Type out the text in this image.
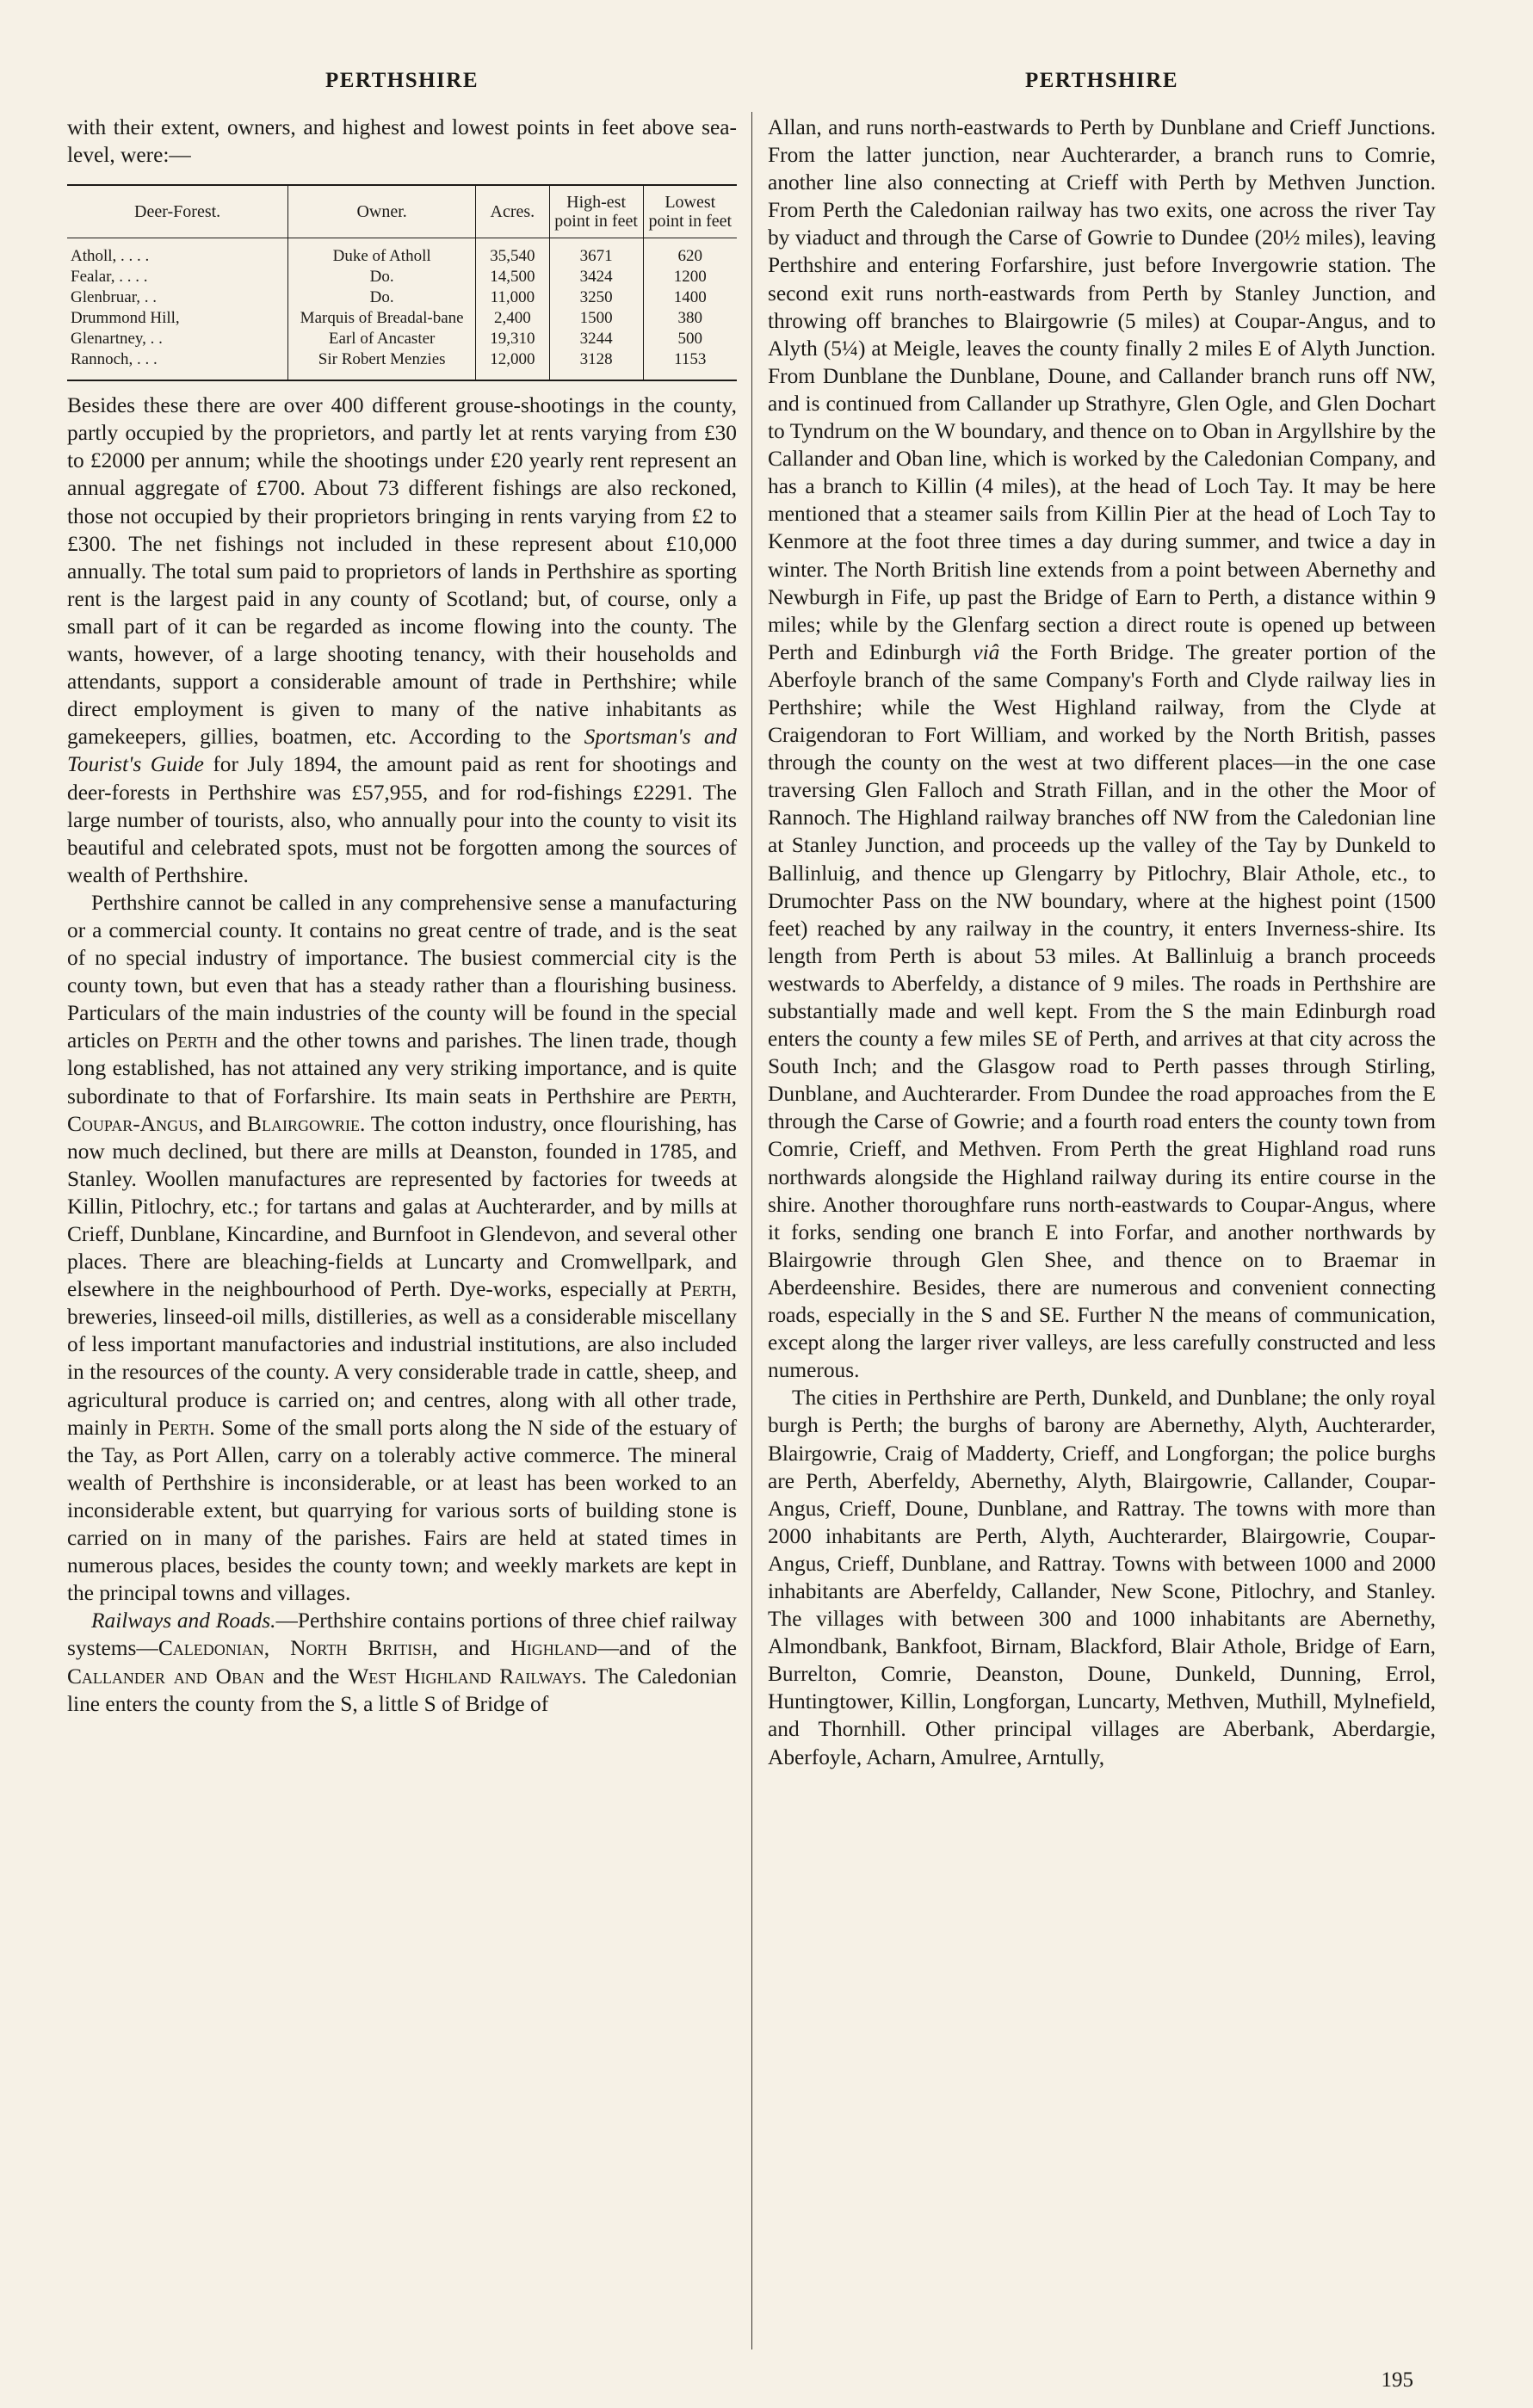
PERTHSHIRE

with their extent, owners, and highest and lowest points in feet above sea-level, were:—

Deer-Forest.	Owner.	Acres.	High-est point in feet	Lowest point in feet
Atholl, . . . .	Duke of Atholl	35,540	3671	620
Fealar, . . . .	Do.	14,500	3424	1200
Glenbruar, . .	Do.	11,000	3250	1400
Drummond Hill,	Marquis of Breadal-bane	2,400	1500	380
Glenartney, . .	Earl of Ancaster	19,310	3244	500
Rannoch, . . .	Sir Robert Menzies	12,000	3128	1153

Besides these there are over 400 different grouse-shootings in the county, partly occupied by the proprietors, and partly let at rents varying from £30 to £2000 per annum; while the shootings under £20 yearly rent represent an annual aggregate of £700. About 73 different fishings are also reckoned, those not occupied by their proprietors bringing in rents varying from £2 to £300. The net fishings not included in these represent about £10,000 annually. The total sum paid to proprietors of lands in Perthshire as sporting rent is the largest paid in any county of Scotland; but, of course, only a small part of it can be regarded as income flowing into the county. The wants, however, of a large shooting tenancy, with their households and attendants, support a considerable amount of trade in Perthshire; while direct employment is given to many of the native inhabitants as gamekeepers, gillies, boatmen, etc. According to the Sportsman's and Tourist's Guide for July 1894, the amount paid as rent for shootings and deer-forests in Perthshire was £57,955, and for rod-fishings £2291. The large number of tourists, also, who annually pour into the county to visit its beautiful and celebrated spots, must not be forgotten among the sources of wealth of Perthshire.

Perthshire cannot be called in any comprehensive sense a manufacturing or a commercial county. It contains no great centre of trade, and is the seat of no special industry of importance. The busiest commercial city is the county town, but even that has a steady rather than a flourishing business. Particulars of the main industries of the county will be found in the special articles on Perth and the other towns and parishes. The linen trade, though long established, has not attained any very striking importance, and is quite subordinate to that of Forfarshire. Its main seats in Perthshire are Perth, Coupar-Angus, and Blairgowrie. The cotton industry, once flourishing, has now much declined, but there are mills at Deanston, founded in 1785, and Stanley. Woollen manufactures are represented by factories for tweeds at Killin, Pitlochry, etc.; for tartans and galas at Auchterarder, and by mills at Crieff, Dunblane, Kincardine, and Burnfoot in Glendevon, and several other places. There are bleaching-fields at Luncarty and Cromwellpark, and elsewhere in the neighbourhood of Perth. Dye-works, especially at Perth, breweries, linseed-oil mills, distilleries, as well as a considerable miscellany of less important manufactories and industrial institutions, are also included in the resources of the county. A very considerable trade in cattle, sheep, and agricultural produce is carried on; and centres, along with all other trade, mainly in Perth. Some of the small ports along the N side of the estuary of the Tay, as Port Allen, carry on a tolerably active commerce. The mineral wealth of Perthshire is inconsiderable, or at least has been worked to an inconsiderable extent, but quarrying for various sorts of building stone is carried on in many of the parishes. Fairs are held at stated times in numerous places, besides the county town; and weekly markets are kept in the principal towns and villages.

Railways and Roads.—Perthshire contains portions of three chief railway systems—Caledonian, North British, and Highland—and of the Callander and Oban and the West Highland Railways. The Caledonian line enters the county from the S, a little S of Bridge of

PERTHSHIRE

Allan, and runs north-eastwards to Perth by Dunblane and Crieff Junctions. From the latter junction, near Auchterarder, a branch runs to Comrie, another line also connecting at Crieff with Perth by Methven Junction. From Perth the Caledonian railway has two exits, one across the river Tay by viaduct and through the Carse of Gowrie to Dundee (20½ miles), leaving Perthshire and entering Forfarshire, just before Invergowrie station. The second exit runs north-eastwards from Perth by Stanley Junction, and throwing off branches to Blairgowrie (5 miles) at Coupar-Angus, and to Alyth (5¼) at Meigle, leaves the county finally 2 miles E of Alyth Junction. From Dunblane the Dunblane, Doune, and Callander branch runs off NW, and is continued from Callander up Strathyre, Glen Ogle, and Glen Dochart to Tyndrum on the W boundary, and thence on to Oban in Argyllshire by the Callander and Oban line, which is worked by the Caledonian Company, and has a branch to Killin (4 miles), at the head of Loch Tay. It may be here mentioned that a steamer sails from Killin Pier at the head of Loch Tay to Kenmore at the foot three times a day during summer, and twice a day in winter. The North British line extends from a point between Abernethy and Newburgh in Fife, up past the Bridge of Earn to Perth, a distance within 9 miles; while by the Glenfarg section a direct route is opened up between Perth and Edinburgh viâ the Forth Bridge. The greater portion of the Aberfoyle branch of the same Company's Forth and Clyde railway lies in Perthshire; while the West Highland railway, from the Clyde at Craigendoran to Fort William, and worked by the North British, passes through the county on the west at two different places—in the one case traversing Glen Falloch and Strath Fillan, and in the other the Moor of Rannoch. The Highland railway branches off NW from the Caledonian line at Stanley Junction, and proceeds up the valley of the Tay by Dunkeld to Ballinluig, and thence up Glengarry by Pitlochry, Blair Athole, etc., to Drumochter Pass on the NW boundary, where at the highest point (1500 feet) reached by any railway in the country, it enters Inverness-shire. Its length from Perth is about 53 miles. At Ballinluig a branch proceeds westwards to Aberfeldy, a distance of 9 miles. The roads in Perthshire are substantially made and well kept. From the S the main Edinburgh road enters the county a few miles SE of Perth, and arrives at that city across the South Inch; and the Glasgow road to Perth passes through Stirling, Dunblane, and Auchterarder. From Dundee the road approaches from the E through the Carse of Gowrie; and a fourth road enters the county town from Comrie, Crieff, and Methven. From Perth the great Highland road runs northwards alongside the Highland railway during its entire course in the shire. Another thoroughfare runs north-eastwards to Coupar-Angus, where it forks, sending one branch E into Forfar, and another northwards by Blairgowrie through Glen Shee, and thence on to Braemar in Aberdeenshire. Besides, there are numerous and convenient connecting roads, especially in the S and SE. Further N the means of communication, except along the larger river valleys, are less carefully constructed and less numerous.

The cities in Perthshire are Perth, Dunkeld, and Dunblane; the only royal burgh is Perth; the burghs of barony are Abernethy, Alyth, Auchterarder, Blairgowrie, Craig of Madderty, Crieff, and Longforgan; the police burghs are Perth, Aberfeldy, Abernethy, Alyth, Blairgowrie, Callander, Coupar-Angus, Crieff, Doune, Dunblane, and Rattray. The towns with more than 2000 inhabitants are Perth, Alyth, Auchterarder, Blairgowrie, Coupar-Angus, Crieff, Dunblane, and Rattray. Towns with between 1000 and 2000 inhabitants are Aberfeldy, Callander, New Scone, Pitlochry, and Stanley. The villages with between 300 and 1000 inhabitants are Abernethy, Almondbank, Bankfoot, Birnam, Blackford, Blair Athole, Bridge of Earn, Burrelton, Comrie, Deanston, Doune, Dunkeld, Dunning, Errol, Huntingtower, Killin, Longforgan, Luncarty, Methven, Muthill, Mylnefield, and Thornhill. Other principal villages are Aberbank, Aberdargie, Aberfoyle, Acharn, Amulree, Arntully,

195
